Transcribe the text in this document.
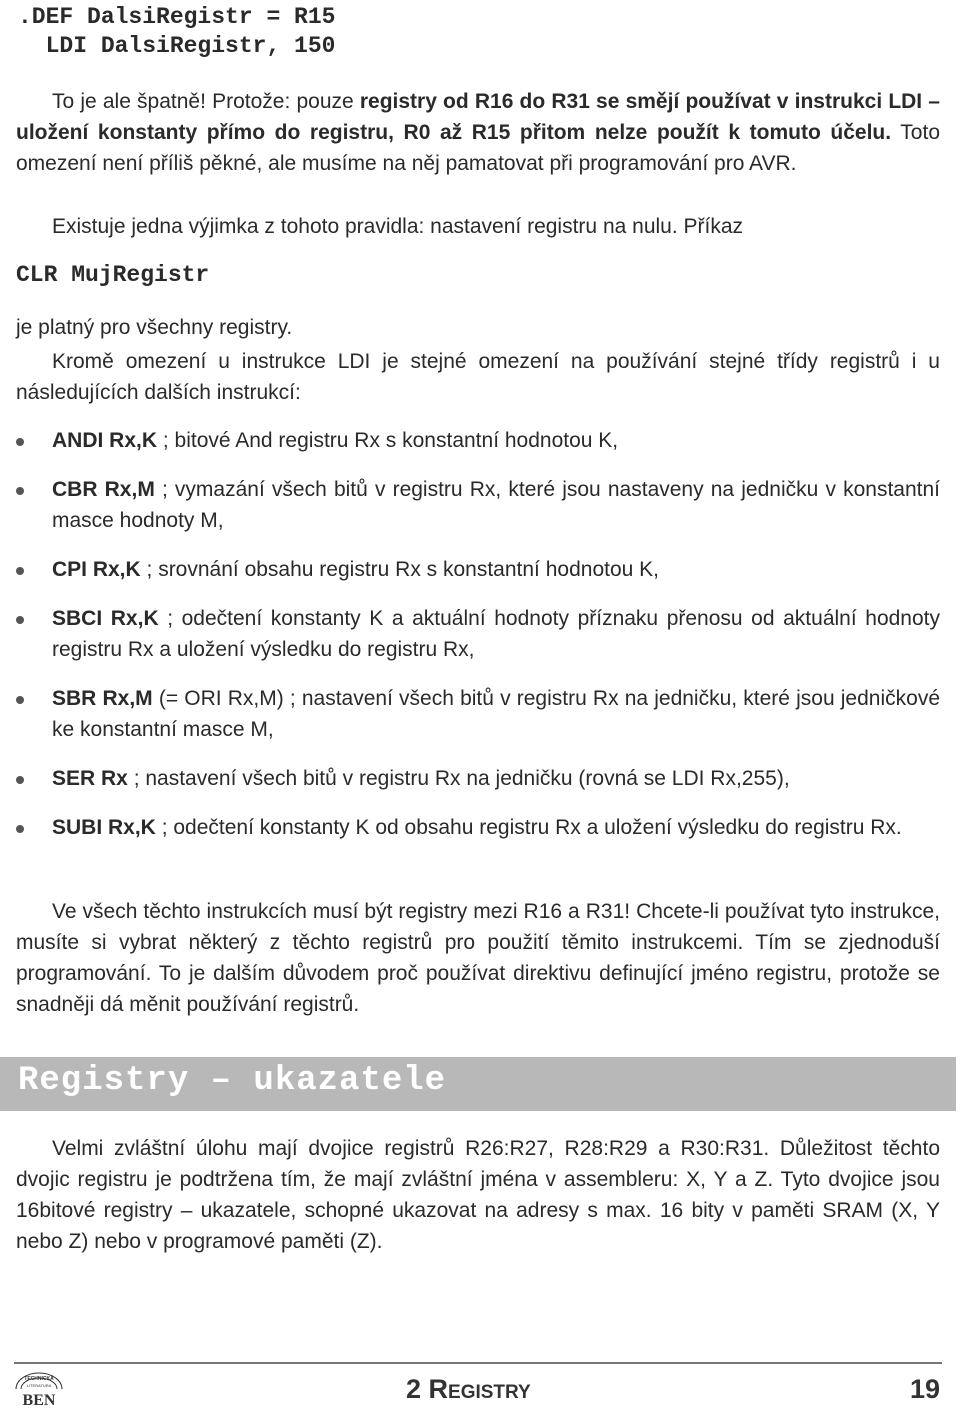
.DEF DalsiRegistr = R15
LDI DalsiRegistr, 150

To je ale špatně! Protože: pouze registry od R16 do R31 se smějí používat v instrukci LDI – uložení konstanty přímo do registru, R0 až R15 přitom nelze použít k tomuto účelu. Toto omezení není příliš pěkné, ale musíme na něj pamatovat při programování pro AVR.

Existuje jedna výjimka z tohoto pravidla: nastavení registru na nulu. Příkaz

CLR MujRegistr

je platný pro všechny registry.

Kromě omezení u instrukce LDI je stejné omezení na používání stejné třídy registrů i u následujících dalších instrukcí:

ANDI Rx,K ; bitové And registru Rx s konstantní hodnotou K,
CBR Rx,M ; vymazání všech bitů v registru Rx, které jsou nastaveny na jedničku v konstantní masce hodnoty M,
CPI Rx,K ; srovnání obsahu registru Rx s konstantní hodnotou K,
SBCI Rx,K ; odečtení konstanty K a aktuální hodnoty příznaku přenosu od aktuální hodnoty registru Rx a uložení výsledku do registru Rx,
SBR Rx,M (= ORI Rx,M) ; nastavení všech bitů v registru Rx na jedničku, které jsou jedničkové ke konstantní masce M,
SER Rx ; nastavení všech bitů v registru Rx na jedničku (rovná se LDI Rx,255),
SUBI Rx,K ; odečtení konstanty K od obsahu registru Rx a uložení výsledku do registru Rx.

Ve všech těchto instrukcích musí být registry mezi R16 a R31! Chcete-li používat tyto instrukce, musíte si vybrat některý z těchto registrů pro použití těmito instrukcemi. Tím se zjednoduší programování. To je dalším důvodem proč používat direktivu definující jméno registru, protože se snadněji dá měnit používání registrů.

Registry – ukazatele

Velmi zvláštní úlohu mají dvojice registrů R26:R27, R28:R29 a R30:R31. Důležitost těchto dvojic registru je podtržena tím, že mají zvláštní jména v assembleru: X, Y a Z. Tyto dvojice jsou 16bitové registry – ukazatele, schopné ukazovat na adresy s max. 16 bity v paměti SRAM (X, Y nebo Z) nebo v programové paměti (Z).

TECHNICKÁ
LITERATURA
BEN	2 Registry	19
